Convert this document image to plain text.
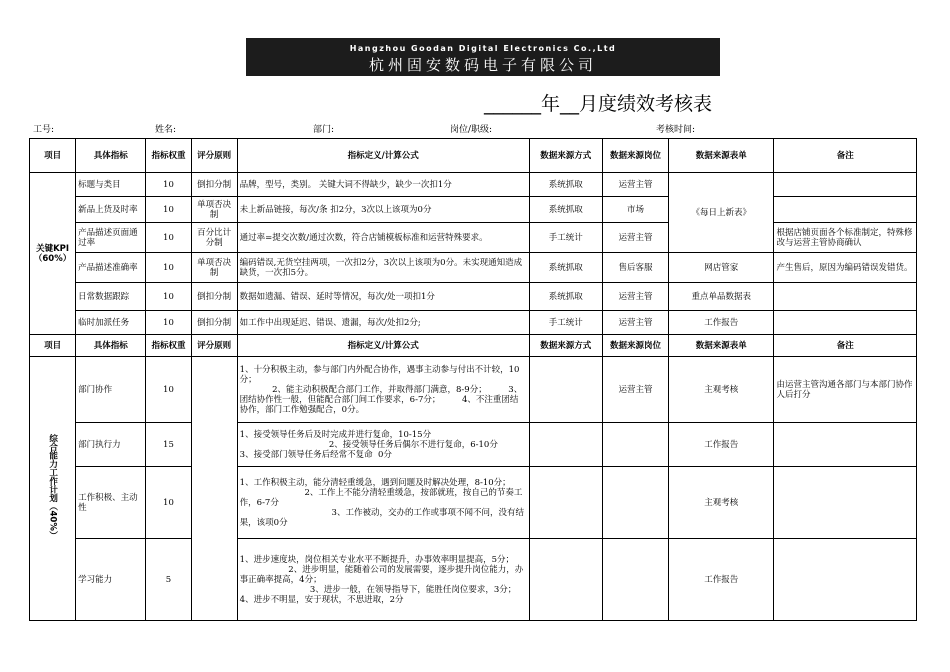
Hangzhou Goodan Digital Electronics Co.,Ltd
杭州固安数码电子有限公司
______年__月度绩效考核表
工号:	姓名:	部门:	岗位/职级:	考核时间:
项目	具体指标	指标权重	评分原则	指标定义/计算公式	数据来源方式	数据来源岗位	数据来源表单	备注
关键KPI（60%）	标题与类目	10	倒扣分制	品牌，型号，类别。 关键大词不得缺少，缺少一次扣1分	系统抓取	运营主管	《每日上新表》	
	新品上货及时率	10	单项否决制	未上新品链接，每次/条 扣2分，3次以上该项为0分	系统抓取	市场		
	产品描述页面通过率	10	百分比计分制	通过率=提交次数/通过次数，符合店铺模板标准和运营特殊要求。	手工统计	运营主管		根据店铺页面各个标准制定，特殊修改与运营主管协商确认
	产品描述准确率	10	单项否决制	编码错误,无货空挂两项，一次扣2分，3次以上该项为0分。未实现通知造成缺货，一次扣5分。	系统抓取	售后客服	网店管家	产生售后，原因为编码错误发错货。
	日常数据跟踪	10	倒扣分制	数据如遗漏、错误、延时等情况，每次/处一项扣1分	系统抓取	运营主管	重点单品数据表	
	临时加派任务	10	倒扣分制	如工作中出现延迟、错误、遗漏，每次/处扣2分;	手工统计	运营主管	工作报告	
项目	具体指标	指标权重	评分原则	指标定义/计算公式	数据来源方式	数据来源岗位	数据来源表单	备注
综合能力工作计划（40%）	部门协作	10		1、十分积极主动，参与部门内外配合协作，遇事主动参与付出不计较，10分；
2、能主动积极配合部门工作，并取得部门满意，8-9分；        3、团结协作性一般，但能配合部门间工作要求，6-7分；        4、不注重团结协作，部门工作勉强配合，0分。		运营主管	主观考核	由运营主管沟通各部门与本部门协作人后打分
	部门执行力	15		1、接受领导任务后及时完成并进行复命，10-15分
2、接受领导任务后偶尔不进行复命，6-10分                       3、接受部门领导任务后经常不复命  0分			工作报告	
	工作积极、主动性	10		1、工作积极主动，能分清轻重缓急，遇到问题及时解决处理，8-10分；
2、工作上不能分清轻重缓急，按部就班，按自己的节奏工作，6-7分
3、工作被动，交办的工作或事项不闻不问，没有结果，该项0分			主观考核	
	学习能力	5		1、进步速度块，岗位相关专业水平不断提升，办事效率明显提高，5分；
2、进步明显，能随着公司的发展需要，逐步提升岗位能力，办事正确率提高，4分；
3、进步一般，在领导指导下，能胜任岗位要求，3分；               4、进步不明显，安于现状，不思进取，2分			工作报告	
